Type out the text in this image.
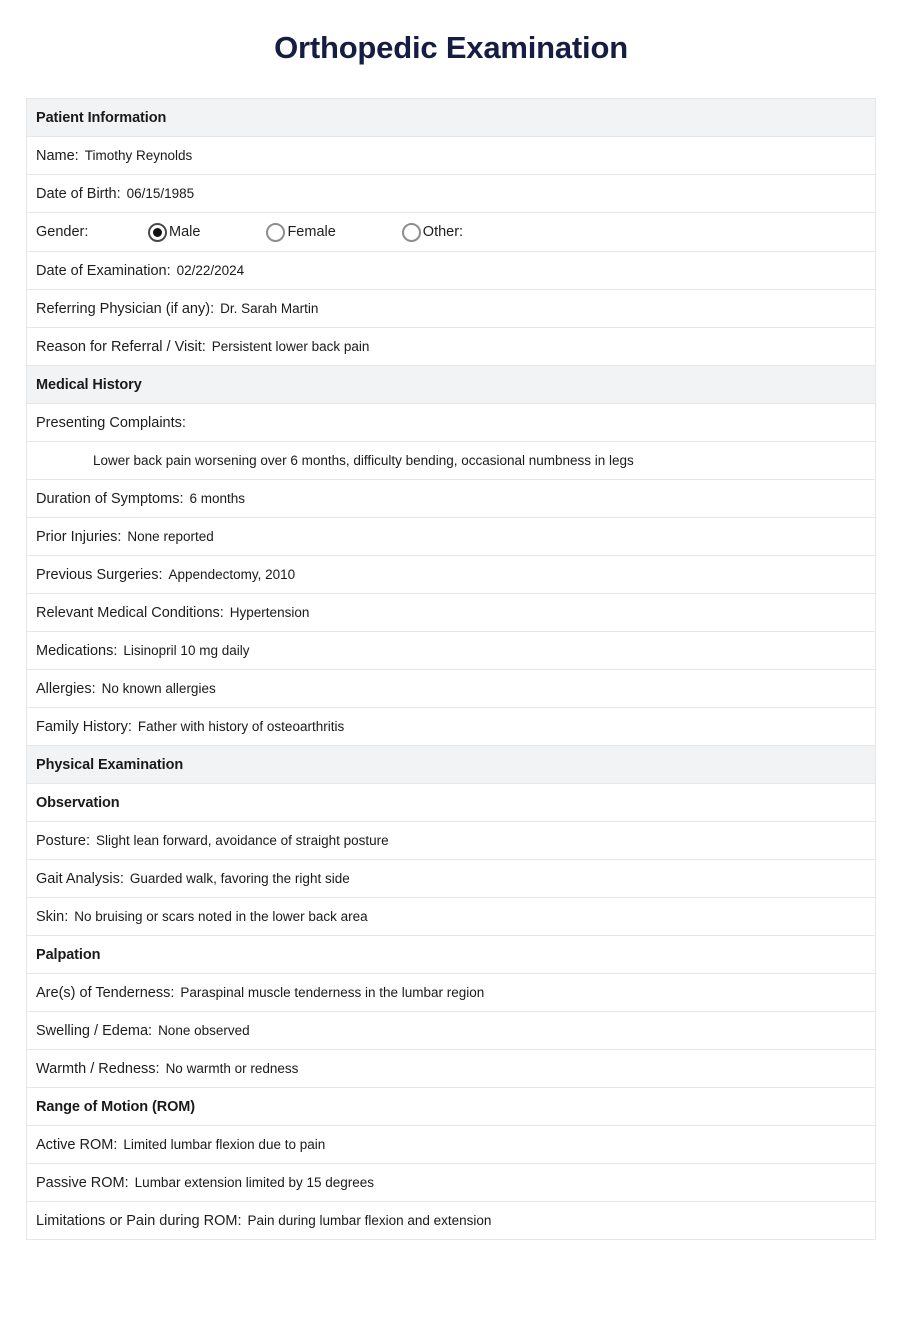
Orthopedic Examination
Patient Information
Name: Timothy Reynolds
Date of Birth: 06/15/1985
Gender:	Male	Female	Other:
Date of Examination: 02/22/2024
Referring Physician (if any): Dr. Sarah Martin
Reason for Referral / Visit: Persistent lower back pain
Medical History
Presenting Complaints:
Lower back pain worsening over 6 months, difficulty bending, occasional numbness in legs
Duration of Symptoms: 6 months
Prior Injuries: None reported
Previous Surgeries: Appendectomy, 2010
Relevant Medical Conditions: Hypertension
Medications: Lisinopril 10 mg daily
Allergies: No known allergies
Family History: Father with history of osteoarthritis
Physical Examination
Observation
Posture: Slight lean forward, avoidance of straight posture
Gait Analysis: Guarded walk, favoring the right side
Skin: No bruising or scars noted in the lower back area
Palpation
Are(s) of Tenderness: Paraspinal muscle tenderness in the lumbar region
Swelling / Edema: None observed
Warmth / Redness: No warmth or redness
Range of Motion (ROM)
Active ROM: Limited lumbar flexion due to pain
Passive ROM: Lumbar extension limited by 15 degrees
Limitations or Pain during ROM: Pain during lumbar flexion and extension
